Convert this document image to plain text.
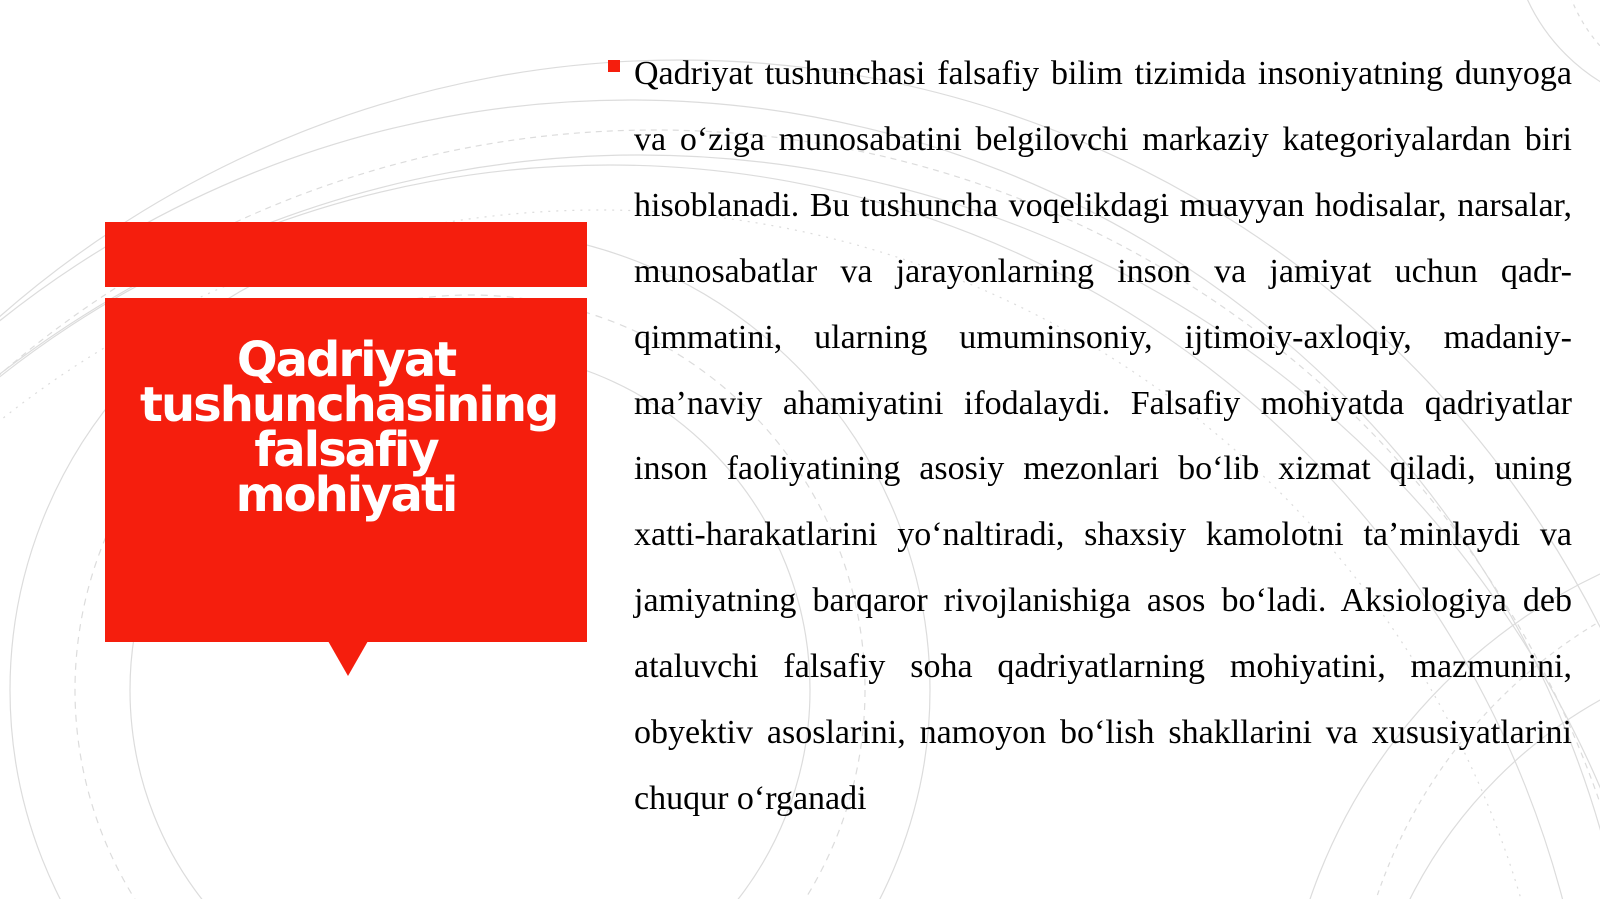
Qadriyat tushunchasining falsafiy mohiyati

Qadriyat tushunchasi falsafiy bilim tizimida insoniyatning dunyoga va o‘ziga munosabatini belgilovchi markaziy kategoriyalardan biri hisoblanadi. Bu tushuncha voqelikdagi muayyan hodisalar, narsalar, munosabatlar va jarayonlarning inson va jamiyat uchun qadr-qimmatini, ularning umuminsoniy, ijtimoiy-axloqiy, madaniy-ma’naviy ahamiyatini ifodalaydi. Falsafiy mohiyatda qadriyatlar inson faoliyatining asosiy mezonlari bo‘lib xizmat qiladi, uning xatti-harakatlarini yo‘naltiradi, shaxsiy kamolotni ta’minlaydi va jamiyatning barqaror rivojlanishiga asos bo‘ladi. Aksiologiya deb ataluvchi falsafiy soha qadriyatlarning mohiyatini, mazmunini, obyektiv asoslarini, namoyon bo‘lish shakllarini va xususiyatlarini chuqur o‘rganadi
